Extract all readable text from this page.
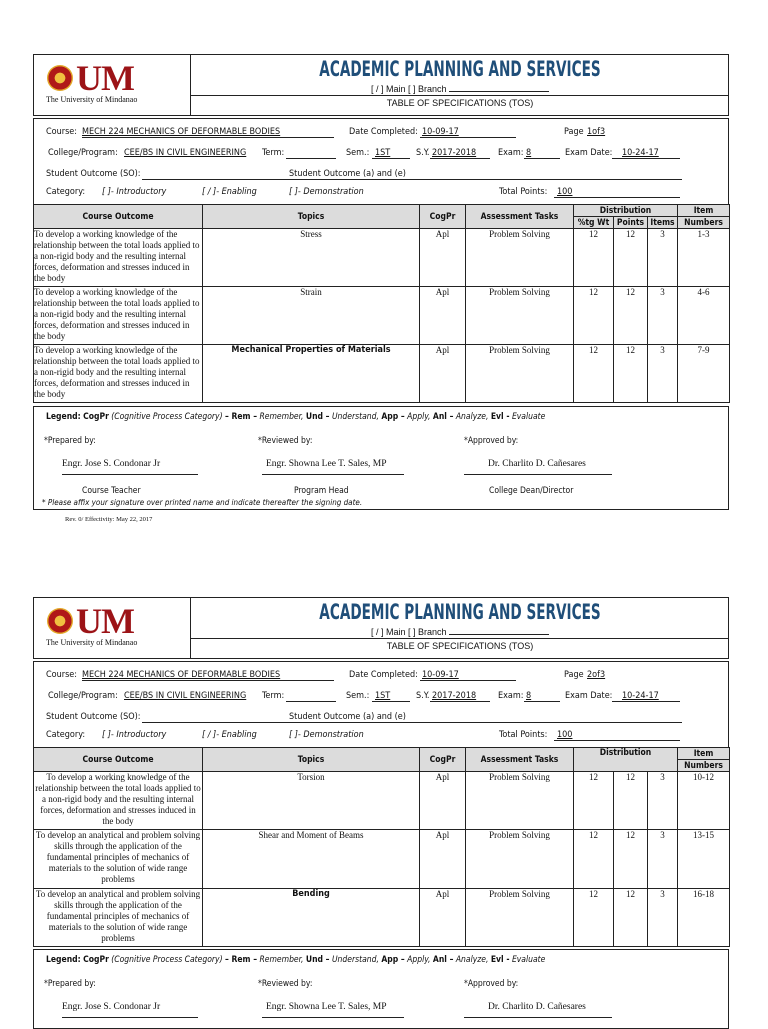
UM
The University of Mindanao
ACADEMIC PLANNING AND SERVICES
[ / ] Main [ ] Branch
TABLE OF SPECIFICATIONS (TOS)
Course: MECH 224 MECHANICS OF DEFORMABLE BODIES	Date Completed: 10-09-17	Page 1of3
College/Program: CEE/BS IN CIVIL ENGINEERING Term:	Sem.: 1ST	S.Y. 2017-2018 Exam: 8	Exam Date: 10-24-17
Student Outcome (SO):	Student Outcome (a) and (e)
Category: [ ]- Introductory	[ / ]- Enabling	[ ]- Demonstration	Total Points: 100
Course Outcome	Topics	CogPr	Assessment Tasks	Distribution			Item
				%tg Wt	Points	Items	Numbers
To develop a working knowledge of the relationship between the total loads applied to a non-rigid body and the resulting internal forces, deformation and stresses induced in the body	Stress	Apl	Problem Solving	12	12	3	1-3
To develop a working knowledge of the relationship between the total loads applied to a non-rigid body and the resulting internal forces, deformation and stresses induced in the body	Strain	Apl	Problem Solving	12	12	3	4-6
To develop a working knowledge of the relationship between the total loads applied to a non-rigid body and the resulting internal forces, deformation and stresses induced in the body	Mechanical Properties of Materials	Apl	Problem Solving	12	12	3	7-9
Legend: CogPr (Cognitive Process Category) – Rem – Remember, Und – Understand, App – Apply, Anl – Analyze, Evl - Evaluate
*Prepared by:	*Reviewed by:	*Approved by:
Engr. Jose S. Condonar Jr	Engr. Showna Lee T. Sales, MP	Dr. Charlito D. Cañesares
Course Teacher	Program Head	College Dean/Director
* Please affix your signature over printed name and indicate thereafter the signing date.
Rev. 0/ Effectivity: May 22, 2017
UM
The University of Mindanao
ACADEMIC PLANNING AND SERVICES
[ / ] Main [ ] Branch
TABLE OF SPECIFICATIONS (TOS)
Course: MECH 224 MECHANICS OF DEFORMABLE BODIES	Date Completed: 10-09-17	Page 2of3
College/Program: CEE/BS IN CIVIL ENGINEERING Term:	Sem.: 1ST	S.Y. 2017-2018 Exam: 8	Exam Date: 10-24-17
Student Outcome (SO):	Student Outcome (a) and (e)
Category: [ ]- Introductory	[ / ]- Enabling	[ ]- Demonstration	Total Points: 100
Course Outcome	Topics	CogPr	Assessment Tasks	Distribution			Item
							Numbers
To develop a working knowledge of the relationship between the total loads applied to a non-rigid body and the resulting internal forces, deformation and stresses induced in the body	Torsion	Apl	Problem Solving	12	12	3	10-12
To develop an analytical and problem solving skills through the application of the fundamental principles of mechanics of materials to the solution of wide range problems	Shear and Moment of Beams	Apl	Problem Solving	12	12	3	13-15
To develop an analytical and problem solving skills through the application of the fundamental principles of mechanics of materials to the solution of wide range problems	Bending	Apl	Problem Solving	12	12	3	16-18
Legend: CogPr (Cognitive Process Category) – Rem – Remember, Und – Understand, App – Apply, Anl – Analyze, Evl - Evaluate
*Prepared by:	*Reviewed by:	*Approved by:
Engr. Jose S. Condonar Jr	Engr. Showna Lee T. Sales, MP	Dr. Charlito D. Cañesares
